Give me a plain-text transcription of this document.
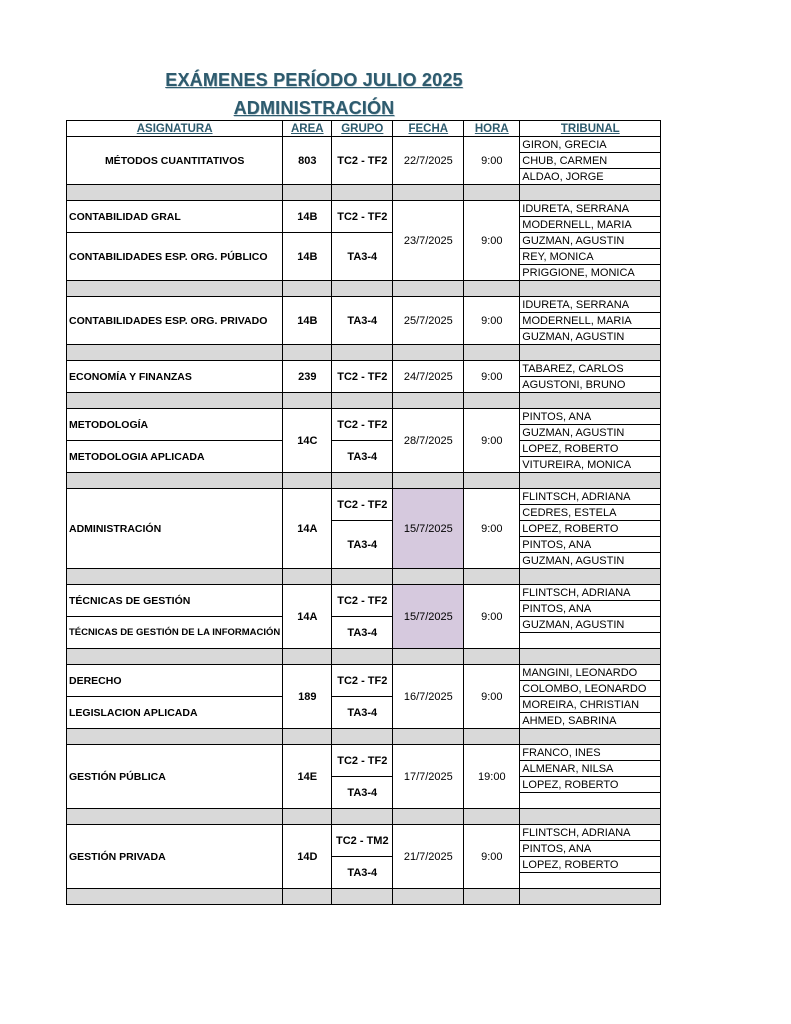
EXÁMENES PERÍODO JULIO 2025
ADMINISTRACIÓN
ASIGNATURA	AREA	GRUPO	FECHA	HORA	TRIBUNAL
MÉTODOS CUANTITATIVOS	803	TC2 - TF2	22/7/2025	9:00	GIRON, GRECIA
					CHUB, CARMEN
					ALDAO, JORGE

CONTABILIDAD GRAL	14B	TC2 - TF2	23/7/2025	9:00	IDURETA, SERRANA
					MODERNELL, MARIA
CONTABILIDADES ESP. ORG. PÚBLICO	14B	TA3-4			GUZMAN, AGUSTIN
					REY, MONICA
					PRIGGIONE, MONICA

CONTABILIDADES ESP. ORG. PRIVADO	14B	TA3-4	25/7/2025	9:00	IDURETA, SERRANA
					MODERNELL, MARIA
					GUZMAN, AGUSTIN

ECONOMÍA Y FINANZAS	239	TC2 - TF2	24/7/2025	9:00	TABAREZ, CARLOS
					AGUSTONI, BRUNO

METODOLOGÍA	14C	TC2 - TF2	28/7/2025	9:00	PINTOS, ANA
					GUZMAN, AGUSTIN
METODOLOGIA APLICADA		TA3-4			LOPEZ, ROBERTO
					VITUREIRA, MONICA

ADMINISTRACIÓN	14A	TC2 - TF2	15/7/2025	9:00	FLINTSCH, ADRIANA
					CEDRES, ESTELA
		TA3-4			LOPEZ, ROBERTO
					PINTOS, ANA
					GUZMAN, AGUSTIN

TÉCNICAS DE GESTIÓN	14A	TC2 - TF2	15/7/2025	9:00	FLINTSCH, ADRIANA
					PINTOS, ANA
TÉCNICAS DE GESTIÓN DE LA INFORMACIÓN		TA3-4			GUZMAN, AGUSTIN

DERECHO	189	TC2 - TF2	16/7/2025	9:00	MANGINI, LEONARDO
					COLOMBO, LEONARDO
LEGISLACION APLICADA		TA3-4			MOREIRA, CHRISTIAN
					AHMED, SABRINA

GESTIÓN PÚBLICA	14E	TC2 - TF2	17/7/2025	19:00	FRANCO, INES
					ALMENAR, NILSA
		TA3-4			LOPEZ, ROBERTO

GESTIÓN PRIVADA	14D	TC2 - TM2	21/7/2025	9:00	FLINTSCH, ADRIANA
					PINTOS, ANA
		TA3-4			LOPEZ, ROBERTO
